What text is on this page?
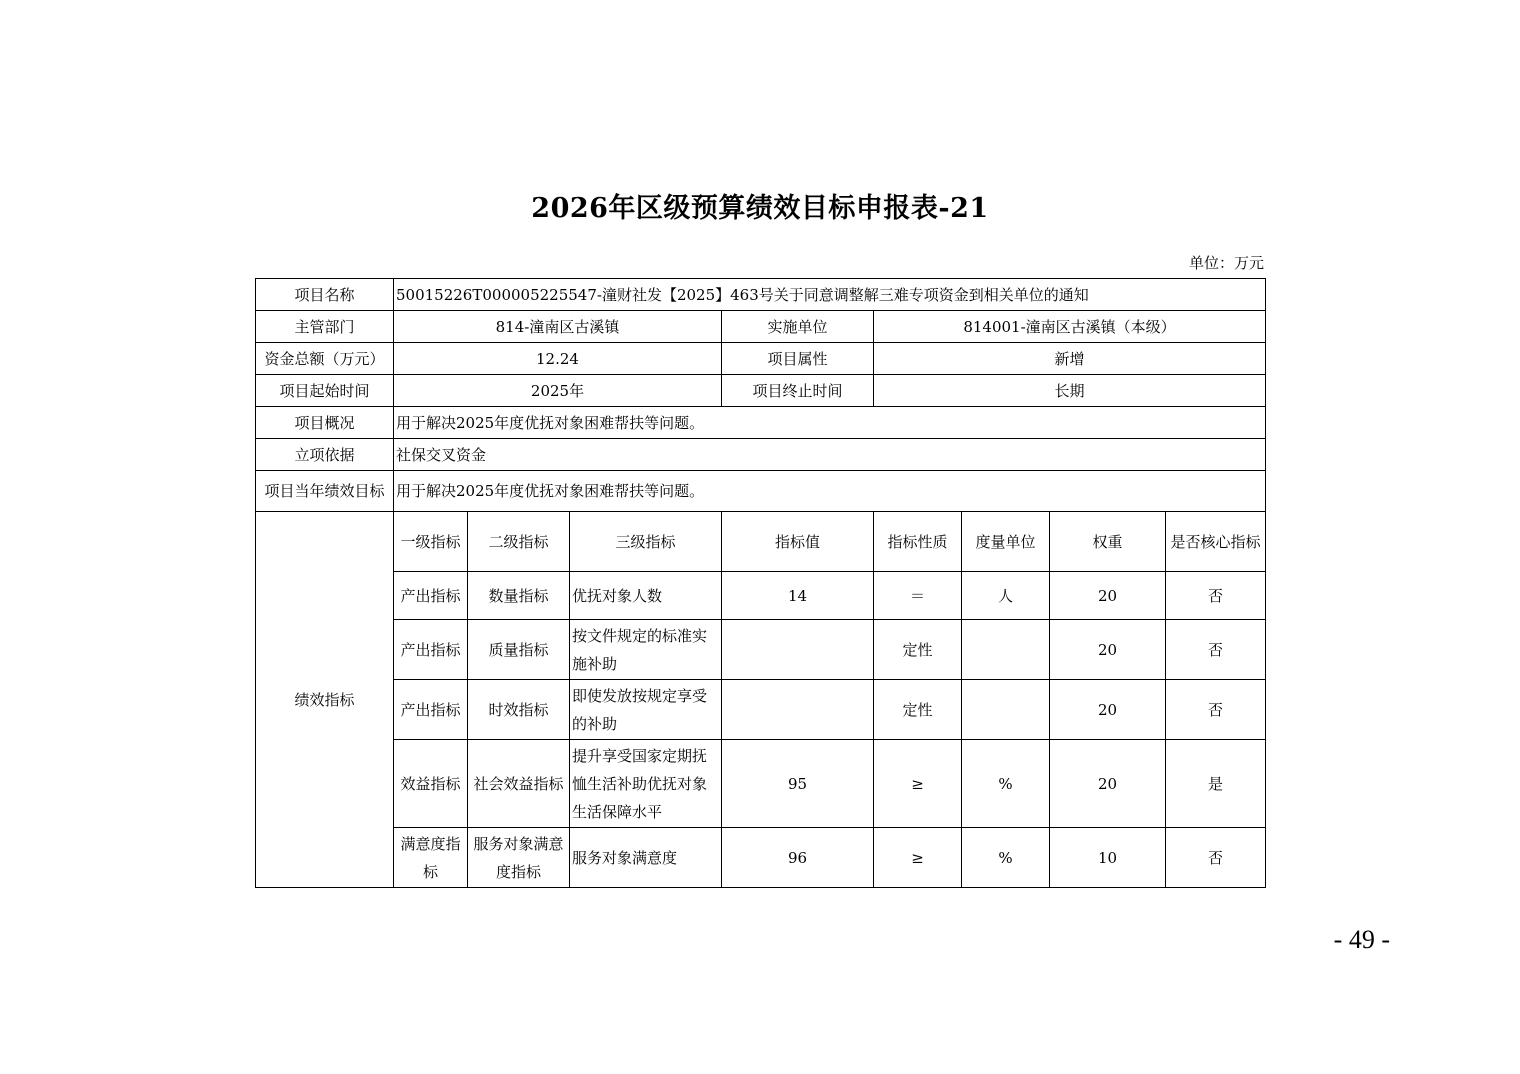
2026年区级预算绩效目标申报表-21
单位：万元
项目名称	50015226T000005225547-潼财社发【2025】463号关于同意调整解三难专项资金到相关单位的通知							
主管部门	814-潼南区古溪镇			实施单位	814001-潼南区古溪镇（本级）			
资金总额（万元）	12.24			项目属性	新增			
项目起始时间	2025年			项目终止时间	长期			
项目概况	用于解决2025年度优抚对象困难帮扶等问题。							
立项依据	社保交叉资金							
项目当年绩效目标	用于解决2025年度优抚对象困难帮扶等问题。							
绩效指标	一级指标	二级指标	三级指标	指标值	指标性质	度量单位	权重	是否核心指标
	产出指标	数量指标	优抚对象人数	14	＝	人	20	否
	产出指标	质量指标	按文件规定的标准实施补助		定性		20	否
	产出指标	时效指标	即使发放按规定享受的补助		定性		20	否
	效益指标	社会效益指标	提升享受国家定期抚恤生活补助优抚对象生活保障水平	95	≥	%	20	是
	满意度指标	服务对象满意度指标	服务对象满意度	96	≥	%	10	否
- 49 -
